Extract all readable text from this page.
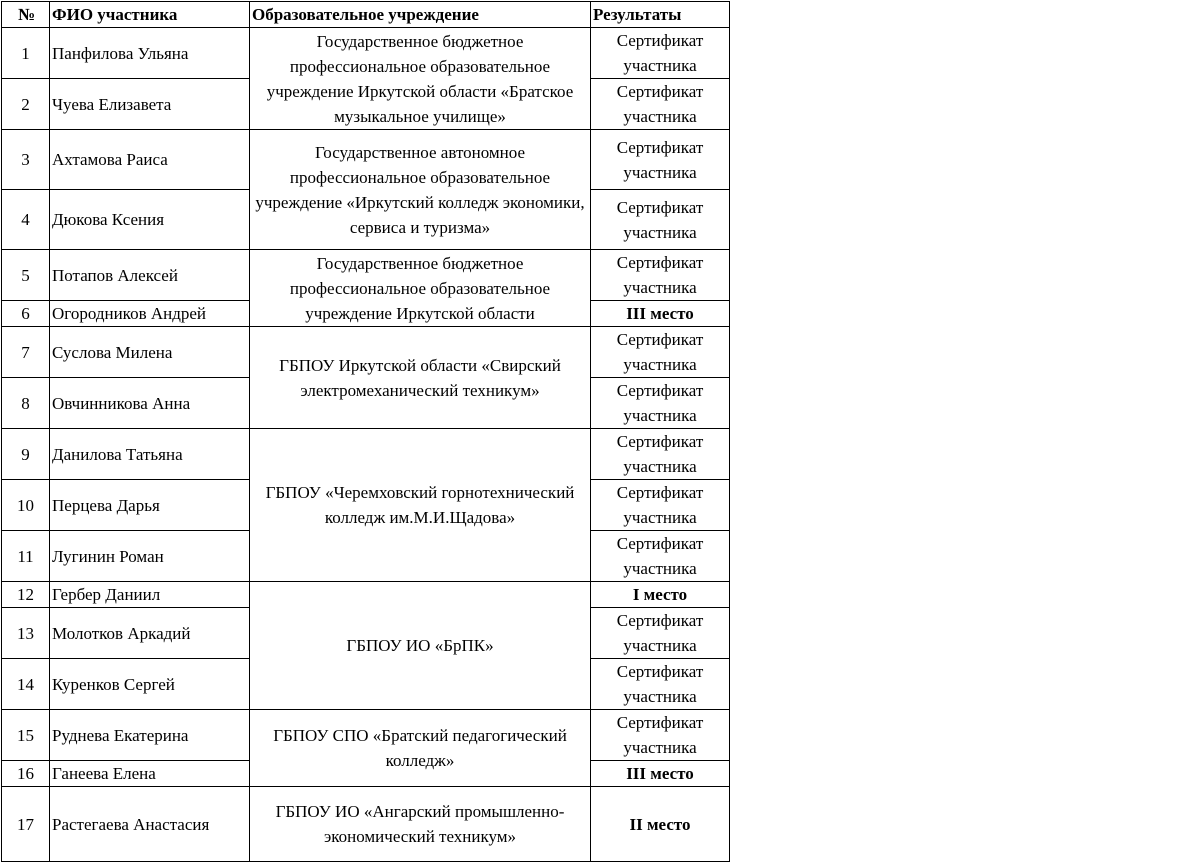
№	ФИО участника	Образовательное учреждение	Результаты
1	Панфилова Ульяна	Государственное бюджетное профессиональное образовательное учреждение Иркутской области «Братское музыкальное училище»	Сертификат участника
2	Чуева Елизавета		Сертификат участника
3	Ахтамова Раиса	Государственное автономное профессиональное образовательное учреждение «Иркутский колледж экономики, сервиса и туризма»	Сертификат участника
4	Дюкова Ксения		Сертификат участника
5	Потапов Алексей	Государственное бюджетное профессиональное образовательное учреждение Иркутской области	Сертификат участника
6	Огородников Андрей		III место
7	Суслова Милена	ГБПОУ Иркутской области «Свирский электромеханический техникум»	Сертификат участника
8	Овчинникова Анна		Сертификат участника
9	Данилова Татьяна	ГБПОУ «Черемховский горнотехнический колледж им.М.И.Щадова»	Сертификат участника
10	Перцева Дарья		Сертификат участника
11	Лугинин Роман		Сертификат участника
12	Гербер Даниил	ГБПОУ ИО «БрПК»	I место
13	Молотков Аркадий		Сертификат участника
14	Куренков Сергей		Сертификат участника
15	Руднева Екатерина	ГБПОУ СПО «Братский педагогический колледж»	Сертификат участника
16	Ганеева Елена		III место
17	Растегаева Анастасия	ГБПОУ ИО «Ангарский промышленно-экономический техникум»	II место
